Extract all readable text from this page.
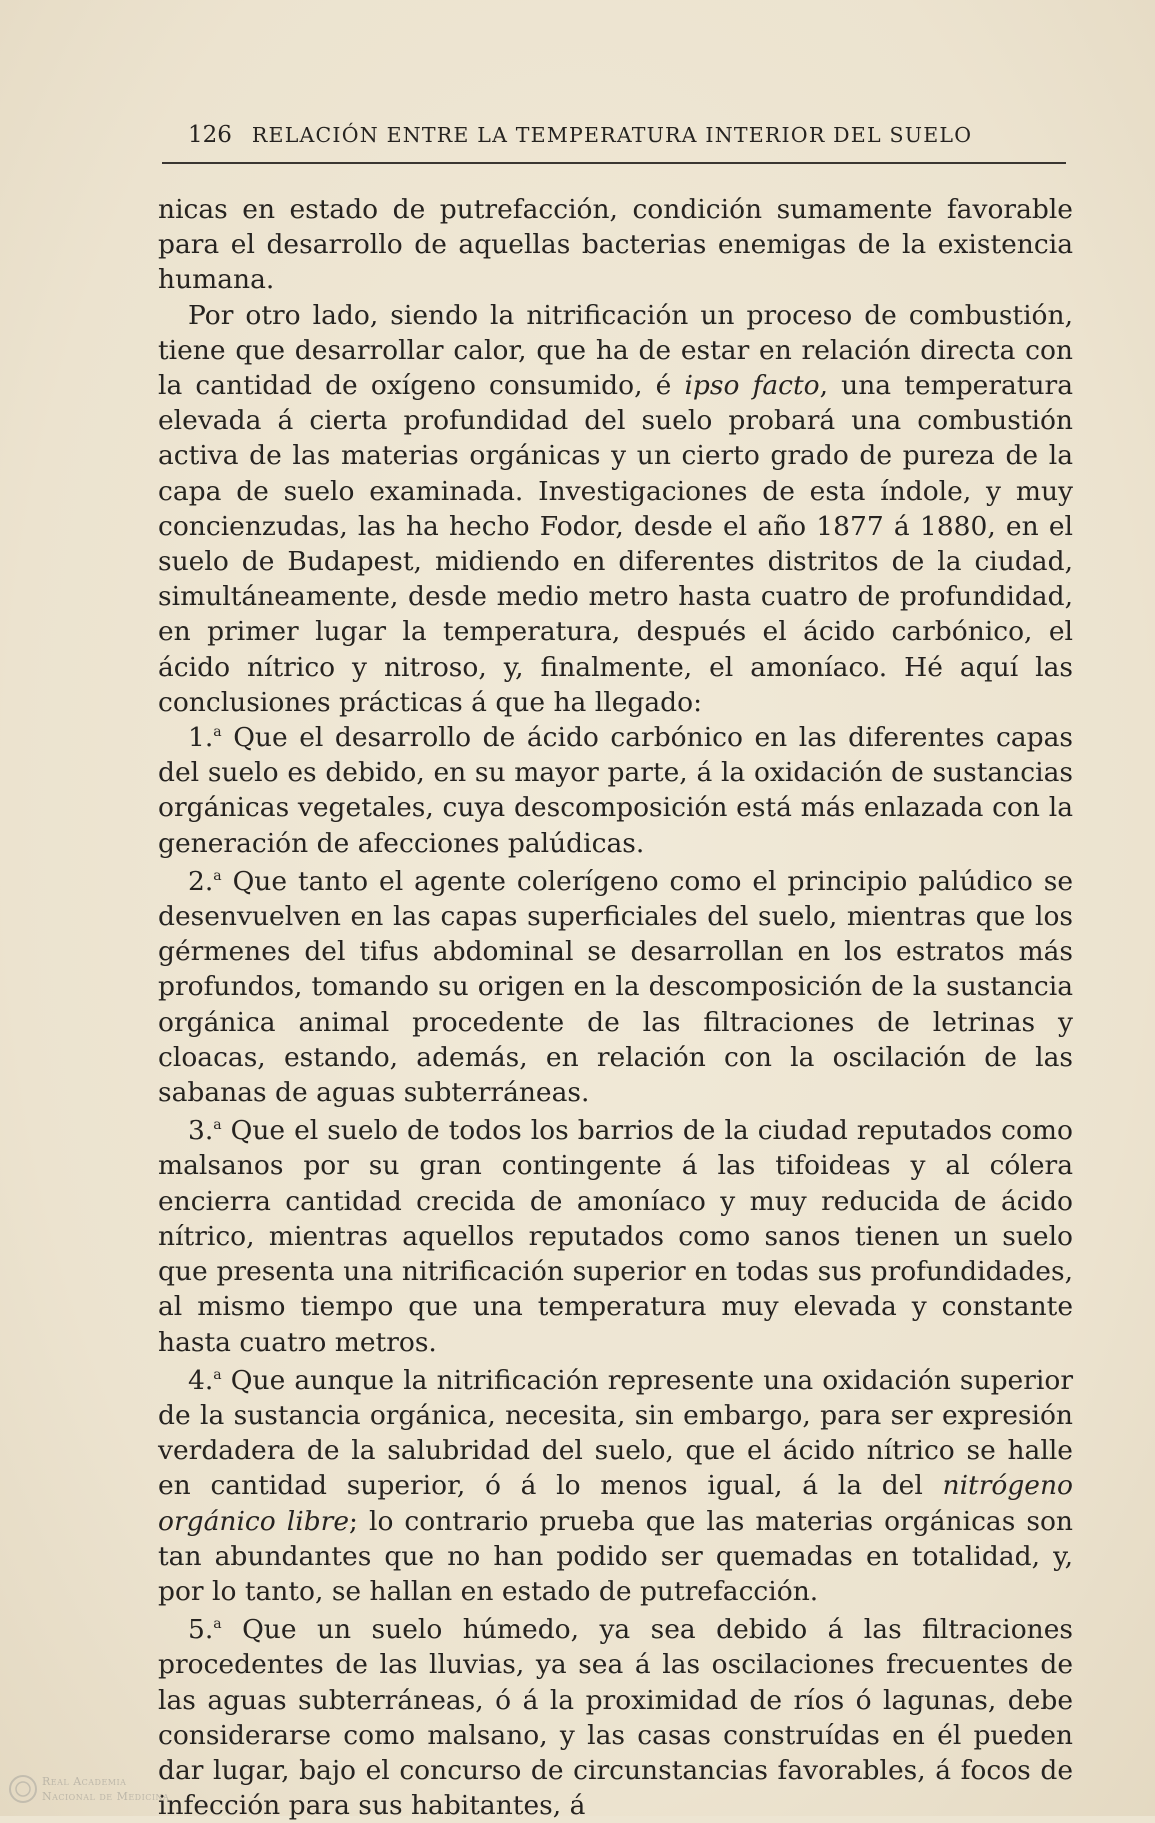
126 RELACIÓN ENTRE LA TEMPERATURA INTERIOR DEL SUELO

nicas en estado de putrefacción, condición sumamente favorable para el desarrollo de aquellas bacterias enemigas de la existencia humana.

Por otro lado, siendo la nitrificación un proceso de combustión, tiene que desarrollar calor, que ha de estar en relación directa con la cantidad de oxígeno consumido, é ipso facto, una temperatura elevada á cierta profundidad del suelo probará una combustión activa de las materias orgánicas y un cierto grado de pureza de la capa de suelo examinada. Investigaciones de esta índole, y muy concienzudas, las ha hecho Fodor, desde el año 1877 á 1880, en el suelo de Budapest, midiendo en diferentes distritos de la ciudad, simultáneamente, desde medio metro hasta cuatro de profundidad, en primer lugar la temperatura, después el ácido carbónico, el ácido nítrico y nitroso, y, finalmente, el amoníaco. Hé aquí las conclusiones prácticas á que ha llegado:

1.$^a$ Que el desarrollo de ácido carbónico en las diferentes capas del suelo es debido, en su mayor parte, á la oxidación de sustancias orgánicas vegetales, cuya descomposición está más enlazada con la generación de afecciones palúdicas.

2.$^a$ Que tanto el agente colerígeno como el principio palúdico se desenvuelven en las capas superficiales del suelo, mientras que los gérmenes del tifus abdominal se desarrollan en los estratos más profundos, tomando su origen en la descomposición de la sustancia orgánica animal procedente de las filtraciones de letrinas y cloacas, estando, además, en relación con la oscilación de las sabanas de aguas subterráneas.

3.$^a$ Que el suelo de todos los barrios de la ciudad reputados como malsanos por su gran contingente á las tifoideas y al cólera encierra cantidad crecida de amoníaco y muy reducida de ácido nítrico, mientras aquellos reputados como sanos tienen un suelo que presenta una nitrificación superior en todas sus profundidades, al mismo tiempo que una temperatura muy elevada y constante hasta cuatro metros.

4.$^a$ Que aunque la nitrificación represente una oxidación superior de la sustancia orgánica, necesita, sin embargo, para ser expresión verdadera de la salubridad del suelo, que el ácido nítrico se halle en cantidad superior, ó á lo menos igual, á la del nitrógeno orgánico libre; lo contrario prueba que las materias orgánicas son tan abundantes que no han podido ser quemadas en totalidad, y, por lo tanto, se hallan en estado de putrefacción.

5.$^a$ Que un suelo húmedo, ya sea debido á las filtraciones procedentes de las lluvias, ya sea á las oscilaciones frecuentes de las aguas subterráneas, ó á la proximidad de ríos ó lagunas, debe considerarse como malsano, y las casas construídas en él pueden dar lugar, bajo el concurso de circunstancias favorables, á focos de infección para sus habitantes, á

Real Academia
Nacional de Medicina
